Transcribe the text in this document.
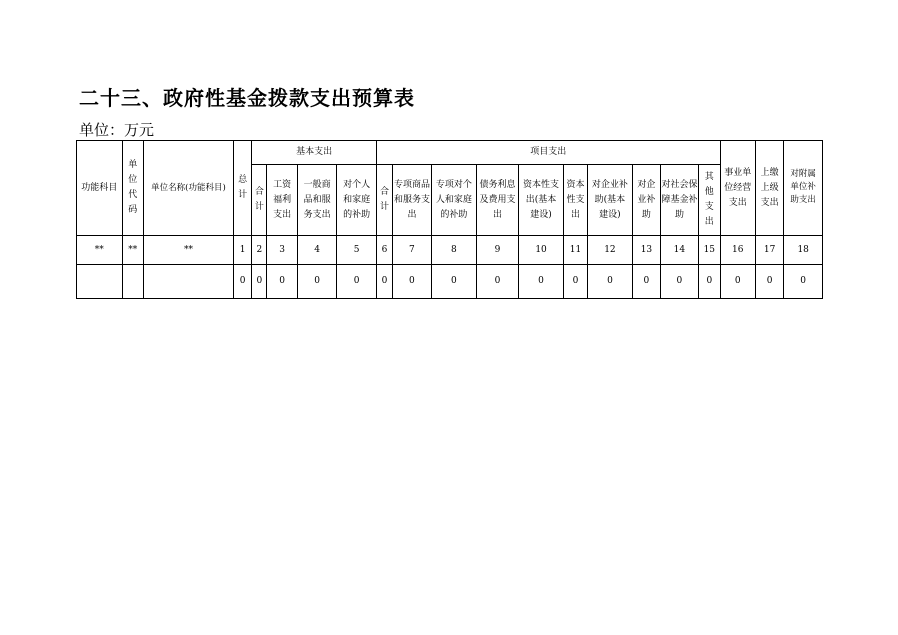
二十三、政府性基金拨款支出预算表
单位：万元
功能科目	单位代码	单位名称(功能科目)	总计	基本支出				项目支出										事业单位经营支出	上缴上级支出	对附属单位补助支出
				合计	工资福利支出	一般商品和服务支出	对个人和家庭的补助	合计	专项商品和服务支出	专项对个人和家庭的补助	债务利息及费用支出	资本性支出(基本建设)	资本性支出	对企业补助(基本建设)	对企业补助	对社会保障基金补助	其他支出			
**	**	**	1	2	3	4	5	6	7	8	9	10	11	12	13	14	15	16	17	18
			0	0	0	0	0	0	0	0	0	0	0	0	0	0	0	0	0	0
